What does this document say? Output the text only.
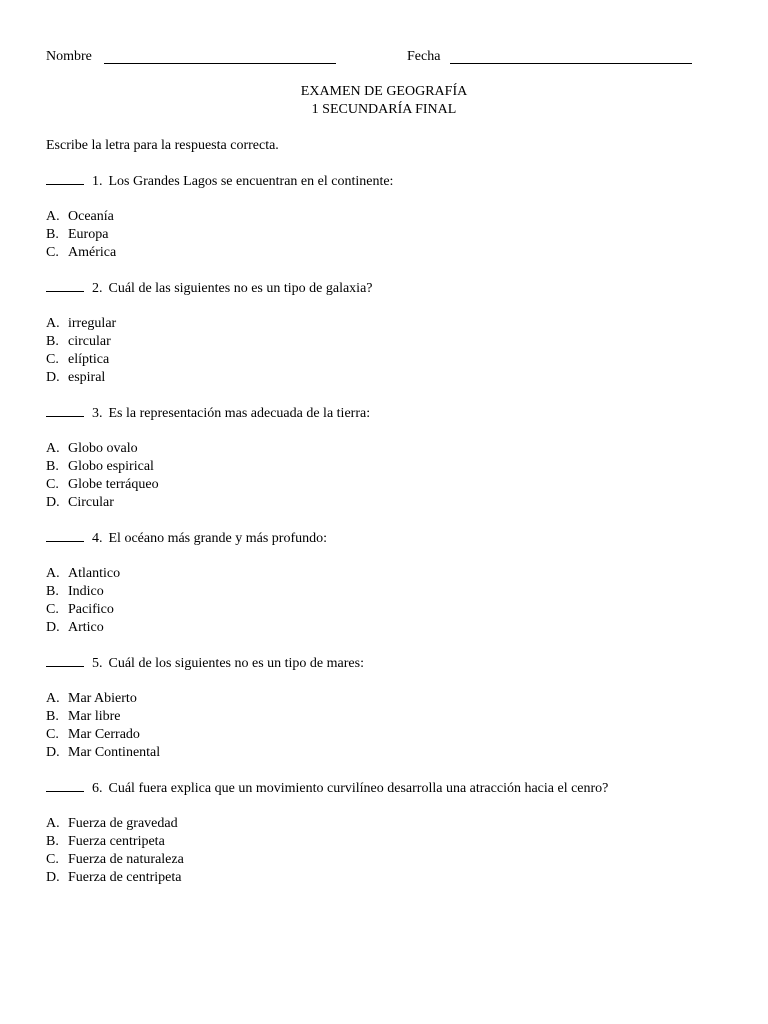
Nombre	Fecha
EXAMEN DE GEOGRAFÍA
1 SECUNDARÍA FINAL
Escribe la letra para la respuesta correcta.
1. Los Grandes Lagos se encuentran en el continente:
A. Oceanía
B. Europa
C. América
2. Cuál de las siguientes no es un tipo de galaxia?
A. irregular
B. circular
C. elíptica
D. espiral
3. Es la representación mas adecuada de la tierra:
A. Globo ovalo
B. Globo espirical
C. Globe terráqueo
D. Circular
4. El océano más grande y más profundo:
A. Atlantico
B. Indico
C. Pacifico
D. Artico
5. Cuál de los siguientes no es un tipo de mares:
A. Mar Abierto
B. Mar libre
C. Mar Cerrado
D. Mar Continental
6. Cuál fuera explica que un movimiento curvilíneo desarrolla una atracción hacia el cenro?
A. Fuerza de gravedad
B. Fuerza centripeta
C. Fuerza de naturaleza
D. Fuerza de centripeta
